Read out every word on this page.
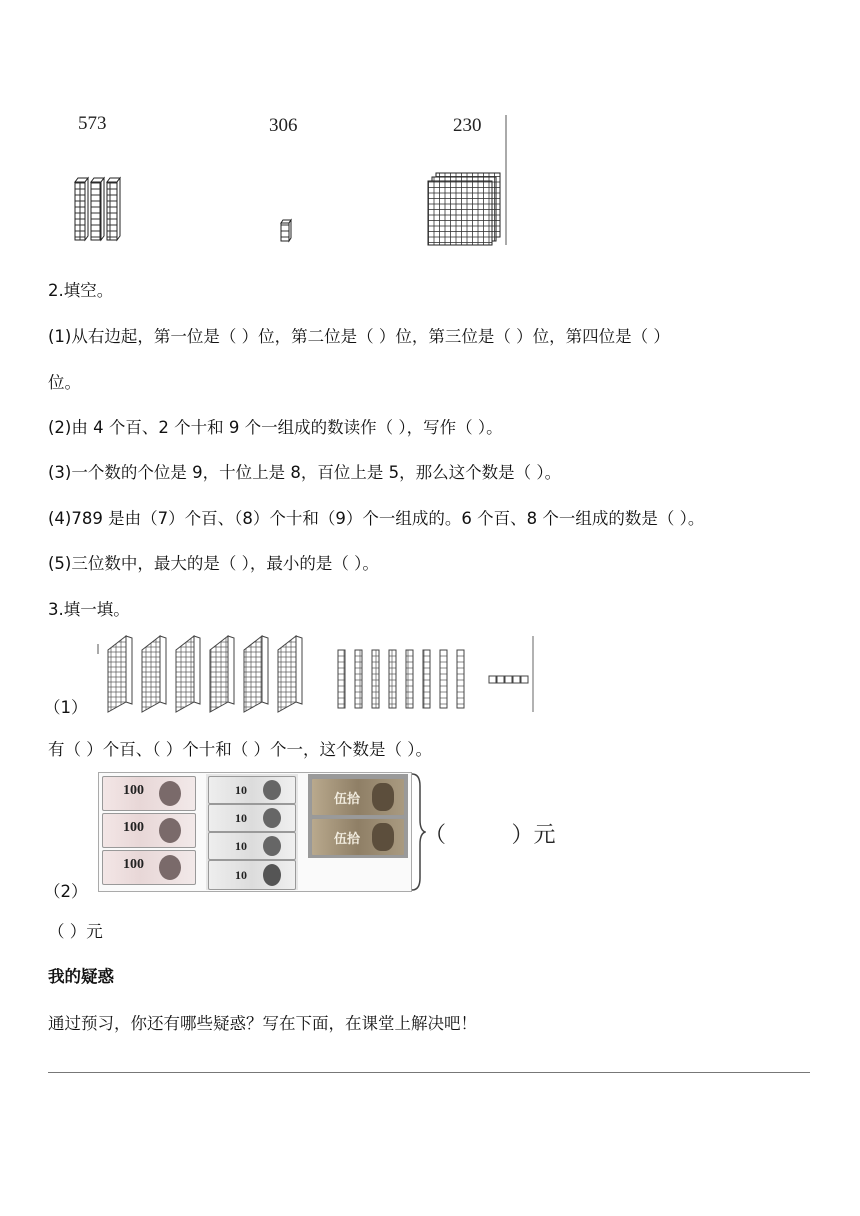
573	306	230
2.填空。
(1)从右边起，第一位是（ ）位，第二位是（ ）位，第三位是（ ）位，第四位是（ ）
位。
(2)由 4 个百、2 个十和 9 个一组成的数读作（ ），写作（ ）。
(3)一个数的个位是 9，十位上是 8，百位上是 5，那么这个数是（ ）。
(4)789 是由（7）个百、（8）个十和（9）个一组成的。6 个百、8 个一组成的数是（ ）。
(5)三位数中，最大的是（ ），最小的是（ ）。
3.填一填。
（1）
有（ ）个百、（ ）个十和（ ）个一，这个数是（ ）。
（2）
100
100
100
10
10
10
10
伍拾
伍拾	（ ）元
（ ）元
我的疑惑
通过预习，你还有哪些疑惑？写在下面，在课堂上解决吧！
